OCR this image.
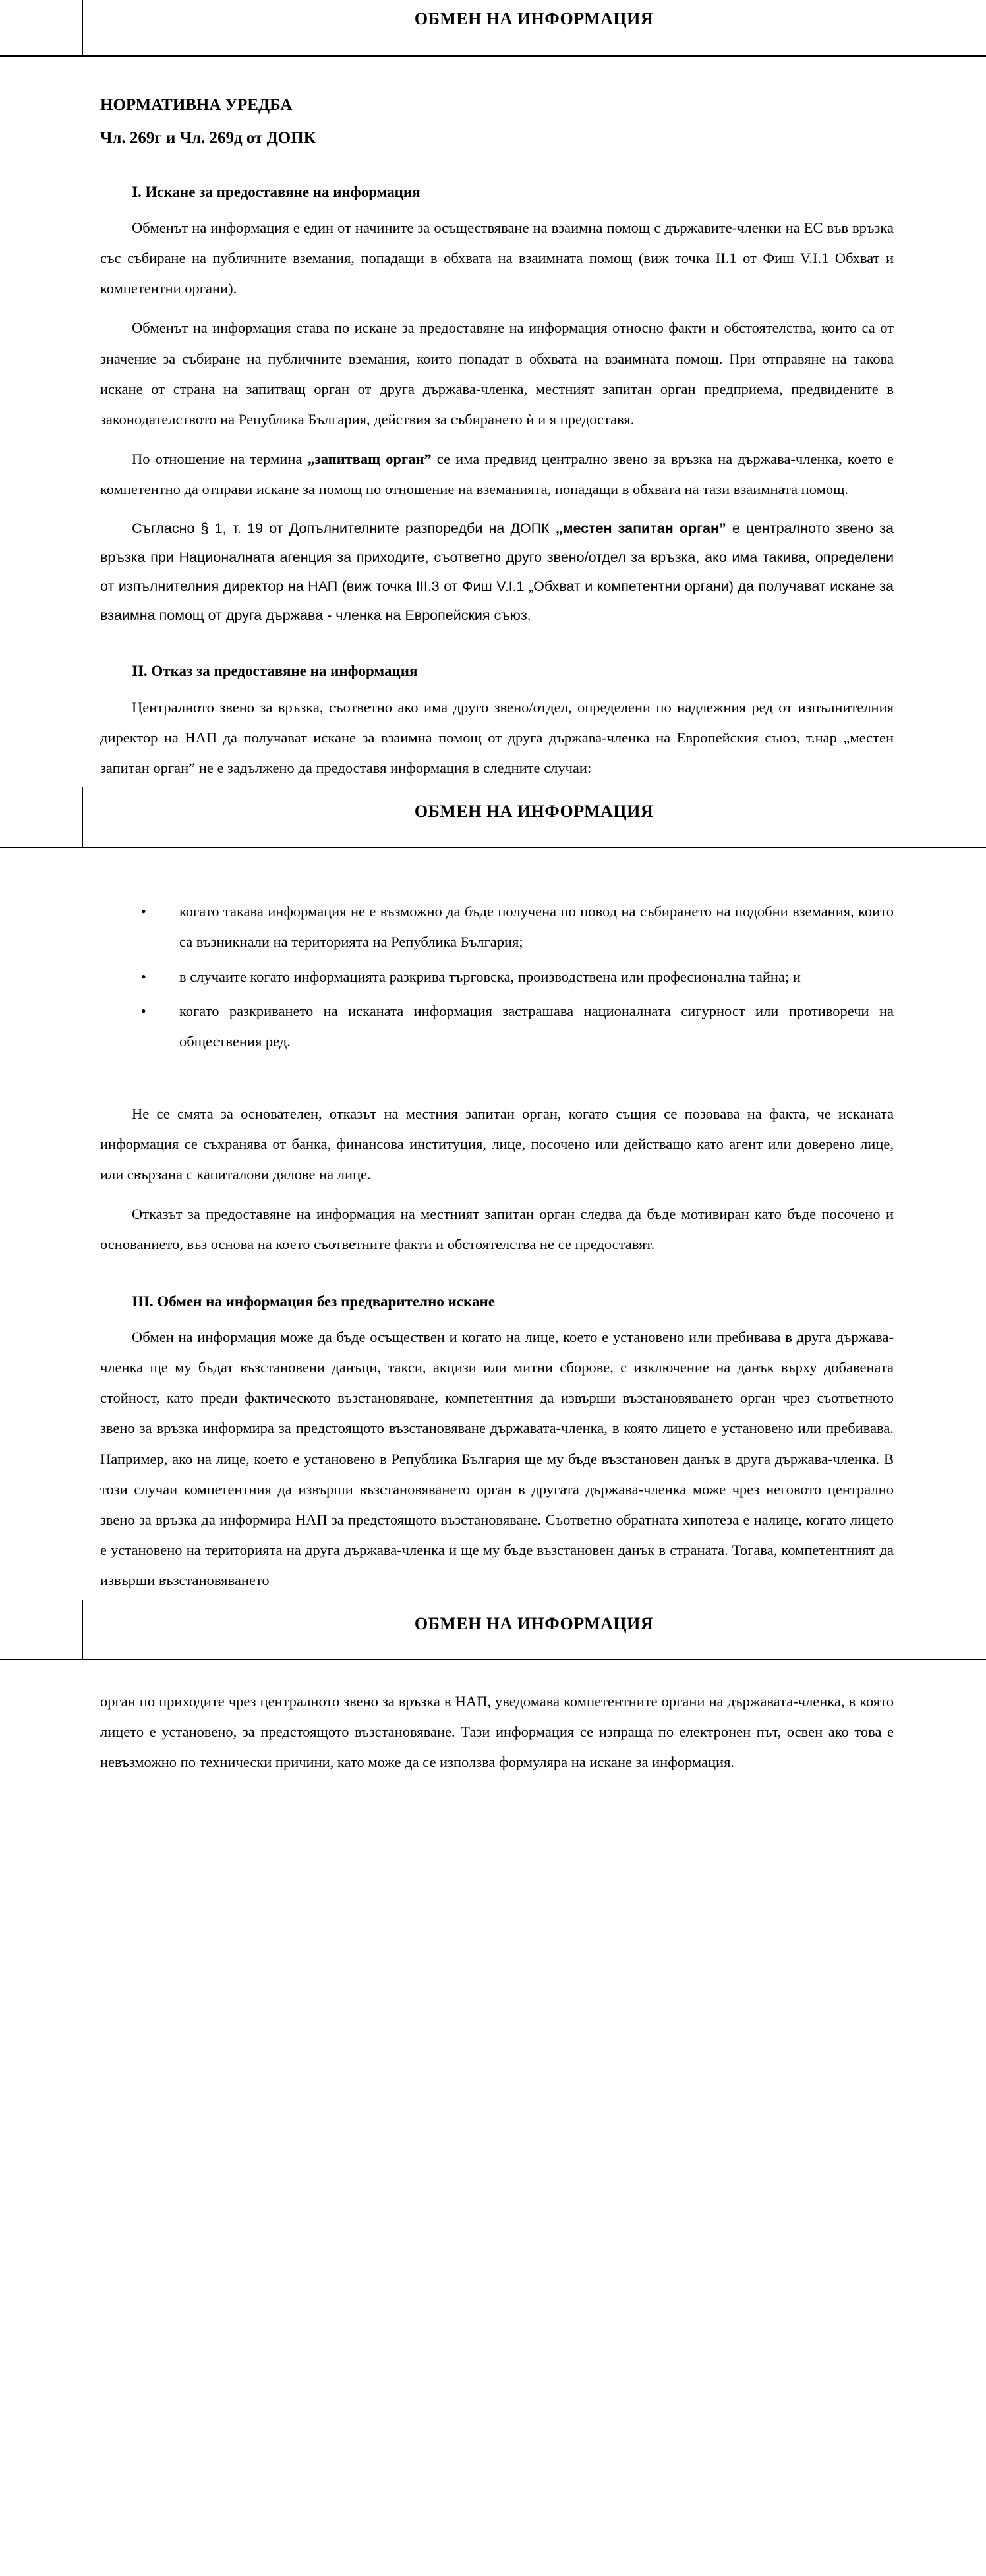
ОБМЕН НА ИНФОРМАЦИЯ
НОРМАТИВНА УРЕДБА
Чл. 269г и Чл. 269д от ДОПК
I. Искане за предоставяне на информация

Обменът на информация е един от начините за осъществяване на взаимна помощ с държавите-членки на ЕС във връзка със събиране на публичните вземания, попадащи в обхвата на взаимната помощ (виж точка II.1 от Фиш V.I.1 Обхват и компетентни органи).

Обменът на информация става по искане за предоставяне на информация относно факти и обстоятелства, които са от значение за събиране на публичните вземания, които попадат в обхвата на взаимната помощ. При отправяне на такова искане от страна на запитващ орган от друга държава-членка, местният запитан орган предприема, предвидените в законодателството на Република България, действия за събирането ѝ и я предоставя.

По отношение на термина „запитващ орган” се има предвид централно звено за връзка на държава-членка, което е компетентно да отправи искане за помощ по отношение на вземанията, попадащи в обхвата на тази взаимната помощ.

Съгласно § 1, т. 19 от Допълнителните разпоредби на ДОПК „местен запитан орган” е централното звено за връзка при Националната агенция за приходите, съответно друго звено/отдел за връзка, ако има такива, определени от изпълнителния директор на НАП (виж точка III.3 от Фиш V.I.1 „Обхват и компетентни органи) да получават искане за взаимна помощ от друга държава - членка на Европейския съюз.

II. Отказ за предоставяне на информация

Централното звено за връзка, съответно ако има друго звено/отдел, определени по надлежния ред от изпълнителния директор на НАП да получават искане за взаимна помощ от друга държава-членка на Европейския съюз, т.нар „местен запитан орган” не е задължено да предоставя информация в следните случаи:

ОБМЕН НА ИНФОРМАЦИЯ
• когато такава информация не е възможно да бъде получена по повод на събирането на подобни вземания, които са възникнали на територията на Република България;
• в случаите когато информацията разкрива търговска, производствена или професионална тайна; и
• когато разкриването на исканата информация застрашава националната сигурност или противоречи на обществения ред.

Не се смята за основателен, отказът на местния запитан орган, когато същия се позовава на факта, че исканата информация се съхранява от банка, финансова институция, лице, посочено или действащо като агент или доверено лице, или свързана с капиталови дялове на лице.

Отказът за предоставяне на информация на местният запитан орган следва да бъде мотивиран като бъде посочено и основанието, въз основа на което съответните факти и обстоятелства не се предоставят.

III. Обмен на информация без предварително искане

Обмен на информация може да бъде осъществен и когато на лице, което е установено или пребивава в друга държава-членка ще му бъдат възстановени данъци, такси, акцизи или митни сборове, с изключение на данък върху добавената стойност, като преди фактическото възстановяване, компетентния да извърши възстановяването орган чрез съответното звено за връзка информира за предстоящото възстановяване държавата-членка, в която лицето е установено или пребивава. Например, ако на лице, което е установено в Република България ще му бъде възстановен данък в друга държава-членка. В този случаи компетентния да извърши възстановяването орган в другата държава-членка може чрез неговото централно звено за връзка да информира НАП за предстоящото възстановяване. Съответно обратната хипотеза е налице, когато лицето е установено на територията на друга държава-членка и ще му бъде възстановен данък в страната. Тогава, компетентният да извърши възстановяването

ОБМЕН НА ИНФОРМАЦИЯ

орган по приходите чрез централното звено за връзка в НАП, уведомава компетентните органи на държавата-членка, в която лицето е установено, за предстоящото възстановяване. Тази информация се изпраща по електронен път, освен ако това е невъзможно по технически причини, като може да се използва формуляра на искане за информация.
